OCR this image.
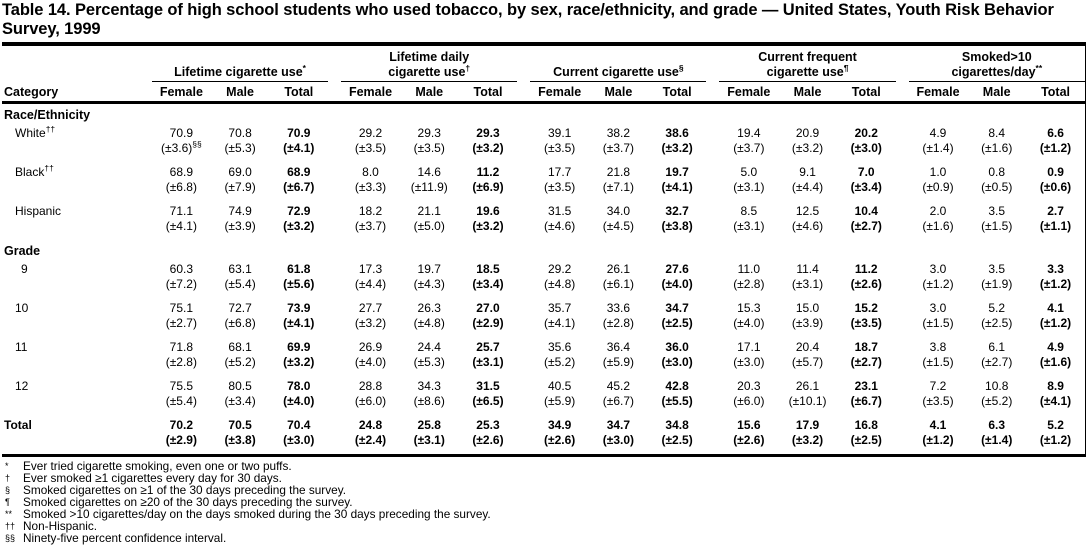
Table 14. Percentage of high school students who used tobacco, by sex, race/ethnicity, and grade — United States, Youth Risk Behavior Survey, 1999
	Lifetime cigarette use*				Lifetime daily
cigarette use†				Current cigarette use§				Current frequent
cigarette use¶				Smoked>10
cigarettes/day**
Category	Female	Male	Total		Female	Male	Total		Female	Male	Total		Female	Male	Total		Female	Male	Total
Race/Ethnicity																			
White††	70.9	70.8	70.9		29.2	29.3	29.3		39.1	38.2	38.6		19.4	20.9	20.2		4.9	8.4	6.6
	(±3.6)§§	(±5.3)	(±4.1)		(±3.5)	(±3.5)	(±3.2)		(±3.5)	(±3.7)	(±3.2)		(±3.7)	(±3.2)	(±3.0)		(±1.4)	(±1.6)	(±1.2)
Black††	68.9	69.0	68.9		8.0	14.6	11.2		17.7	21.8	19.7		5.0	9.1	7.0		1.0	0.8	0.9
	(±6.8)	(±7.9)	(±6.7)		(±3.3)	(±11.9)	(±6.9)		(±3.5)	(±7.1)	(±4.1)		(±3.1)	(±4.4)	(±3.4)		(±0.9)	(±0.5)	(±0.6)
Hispanic	71.1	74.9	72.9		18.2	21.1	19.6		31.5	34.0	32.7		8.5	12.5	10.4		2.0	3.5	2.7
	(±4.1)	(±3.9)	(±3.2)		(±3.7)	(±5.0)	(±3.2)		(±4.6)	(±4.5)	(±3.8)		(±3.1)	(±4.6)	(±2.7)		(±1.6)	(±1.5)	(±1.1)
Grade																			
9	60.3	63.1	61.8		17.3	19.7	18.5		29.2	26.1	27.6		11.0	11.4	11.2		3.0	3.5	3.3
	(±7.2)	(±5.4)	(±5.6)		(±4.4)	(±4.3)	(±3.4)		(±4.8)	(±6.1)	(±4.0)		(±2.8)	(±3.1)	(±2.6)		(±1.2)	(±1.9)	(±1.2)
10	75.1	72.7	73.9		27.7	26.3	27.0		35.7	33.6	34.7		15.3	15.0	15.2		3.0	5.2	4.1
	(±2.7)	(±6.8)	(±4.1)		(±3.2)	(±4.8)	(±2.9)		(±4.1)	(±2.8)	(±2.5)		(±4.0)	(±3.9)	(±3.5)		(±1.5)	(±2.5)	(±1.2)
11	71.8	68.1	69.9		26.9	24.4	25.7		35.6	36.4	36.0		17.1	20.4	18.7		3.8	6.1	4.9
	(±2.8)	(±5.2)	(±3.2)		(±4.0)	(±5.3)	(±3.1)		(±5.2)	(±5.9)	(±3.0)		(±3.0)	(±5.7)	(±2.7)		(±1.5)	(±2.7)	(±1.6)
12	75.5	80.5	78.0		28.8	34.3	31.5		40.5	45.2	42.8		20.3	26.1	23.1		7.2	10.8	8.9
	(±5.4)	(±3.4)	(±4.0)		(±6.0)	(±8.6)	(±6.5)		(±5.9)	(±6.7)	(±5.5)		(±6.0)	(±10.1)	(±6.7)		(±3.5)	(±5.2)	(±4.1)
Total	70.2	70.5	70.4		24.8	25.8	25.3		34.9	34.7	34.8		15.6	17.9	16.8		4.1	6.3	5.2
	(±2.9)	(±3.8)	(±3.0)		(±2.4)	(±3.1)	(±2.6)		(±2.6)	(±3.0)	(±2.5)		(±2.6)	(±3.2)	(±2.5)		(±1.2)	(±1.4)	(±1.2)
*	Ever tried cigarette smoking, even one or two puffs.
†	Ever smoked ≥1 cigarettes every day for 30 days.
§	Smoked cigarettes on ≥1 of the 30 days preceding the survey.
¶	Smoked cigarettes on ≥20 of the 30 days preceding the survey.
** Smoked >10 cigarettes/day on the days smoked during the 30 days preceding the survey.
†† Non-Hispanic.
§§ Ninety-five percent confidence interval.
